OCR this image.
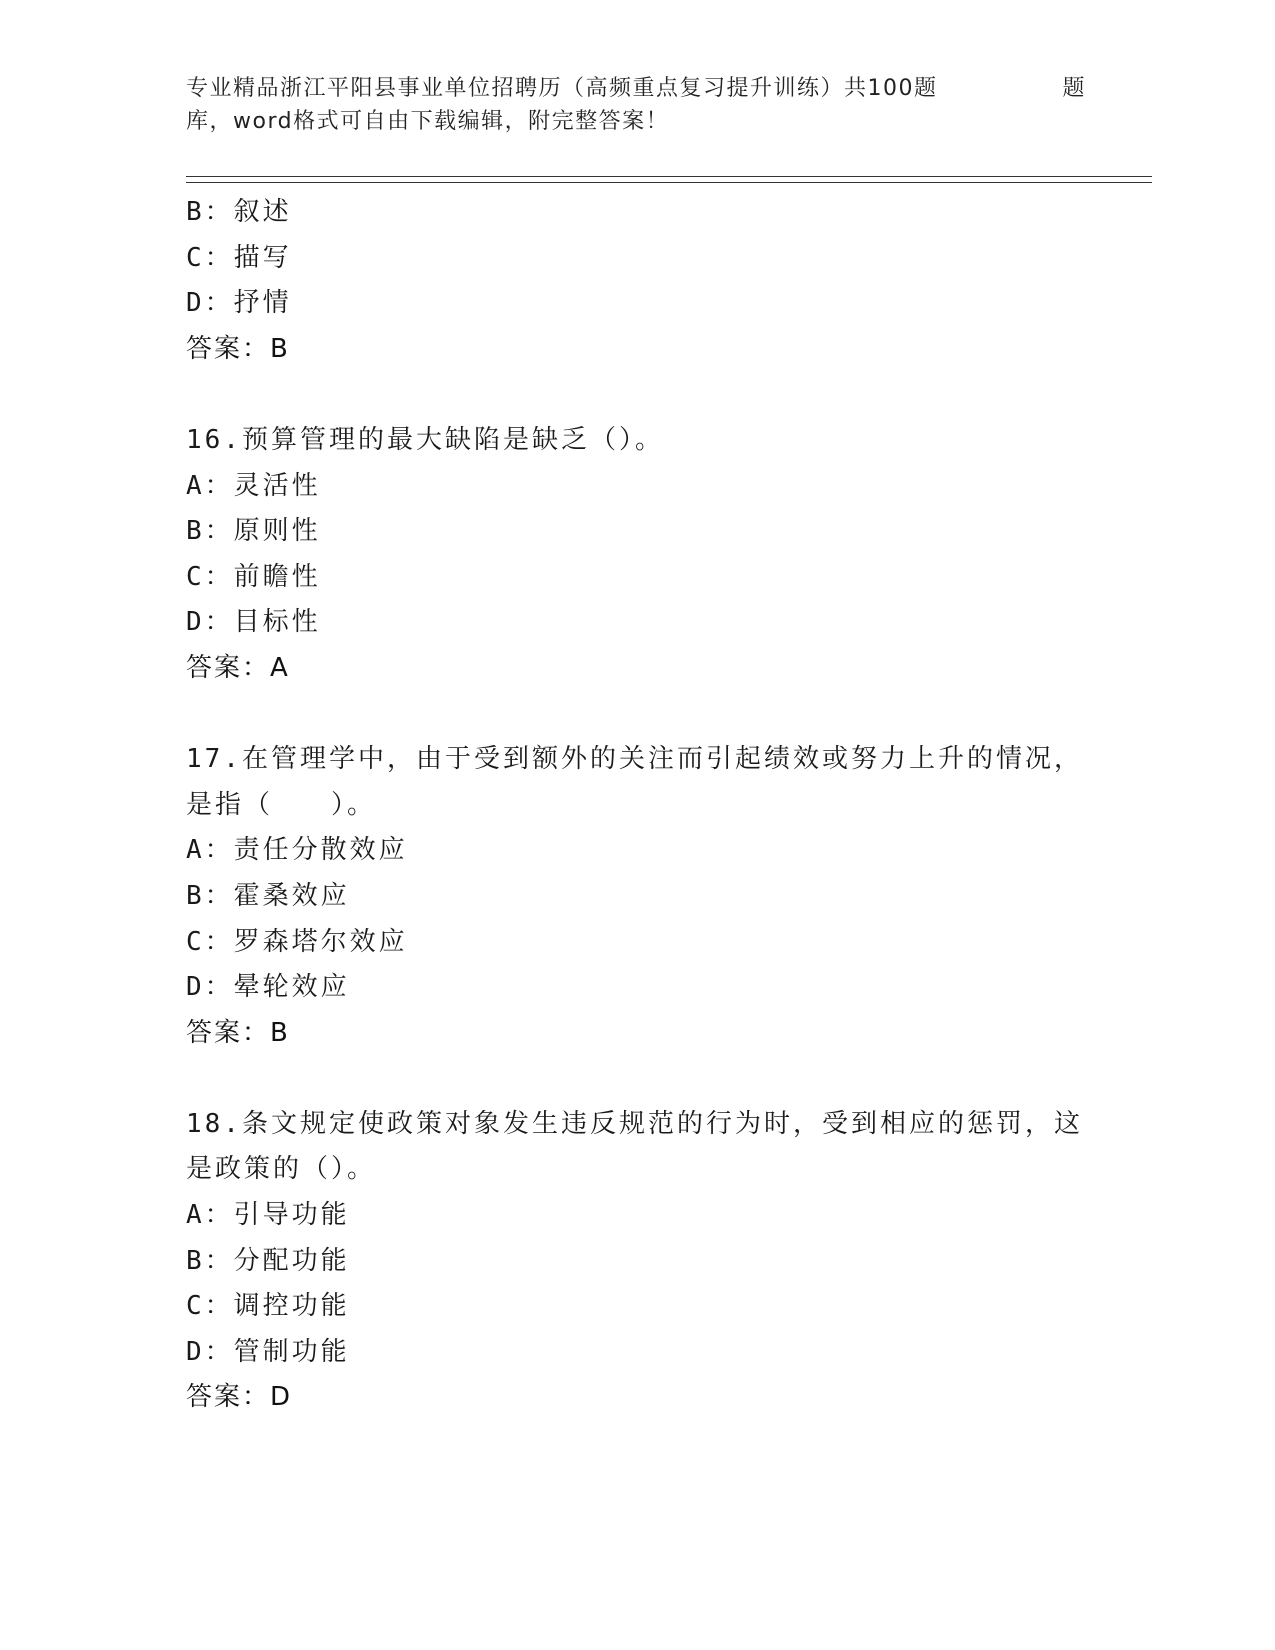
专业精品浙江平阳县事业单位招聘历（高频重点复习提升训练）共100题	题
库，word格式可自由下载编辑，附完整答案！
B：叙述
C：描写
D：抒情
答案：B
16.预算管理的最大缺陷是缺乏（）。
A：灵活性
B：原则性
C：前瞻性
D：目标性
答案：A
17.在管理学中，由于受到额外的关注而引起绩效或努力上升的情况，
是指（　　）。
A：责任分散效应
B：霍桑效应
C：罗森塔尔效应
D：晕轮效应
答案：B
18.条文规定使政策对象发生违反规范的行为时，受到相应的惩罚，这
是政策的（）。
A：引导功能
B：分配功能
C：调控功能
D：管制功能
答案：D
